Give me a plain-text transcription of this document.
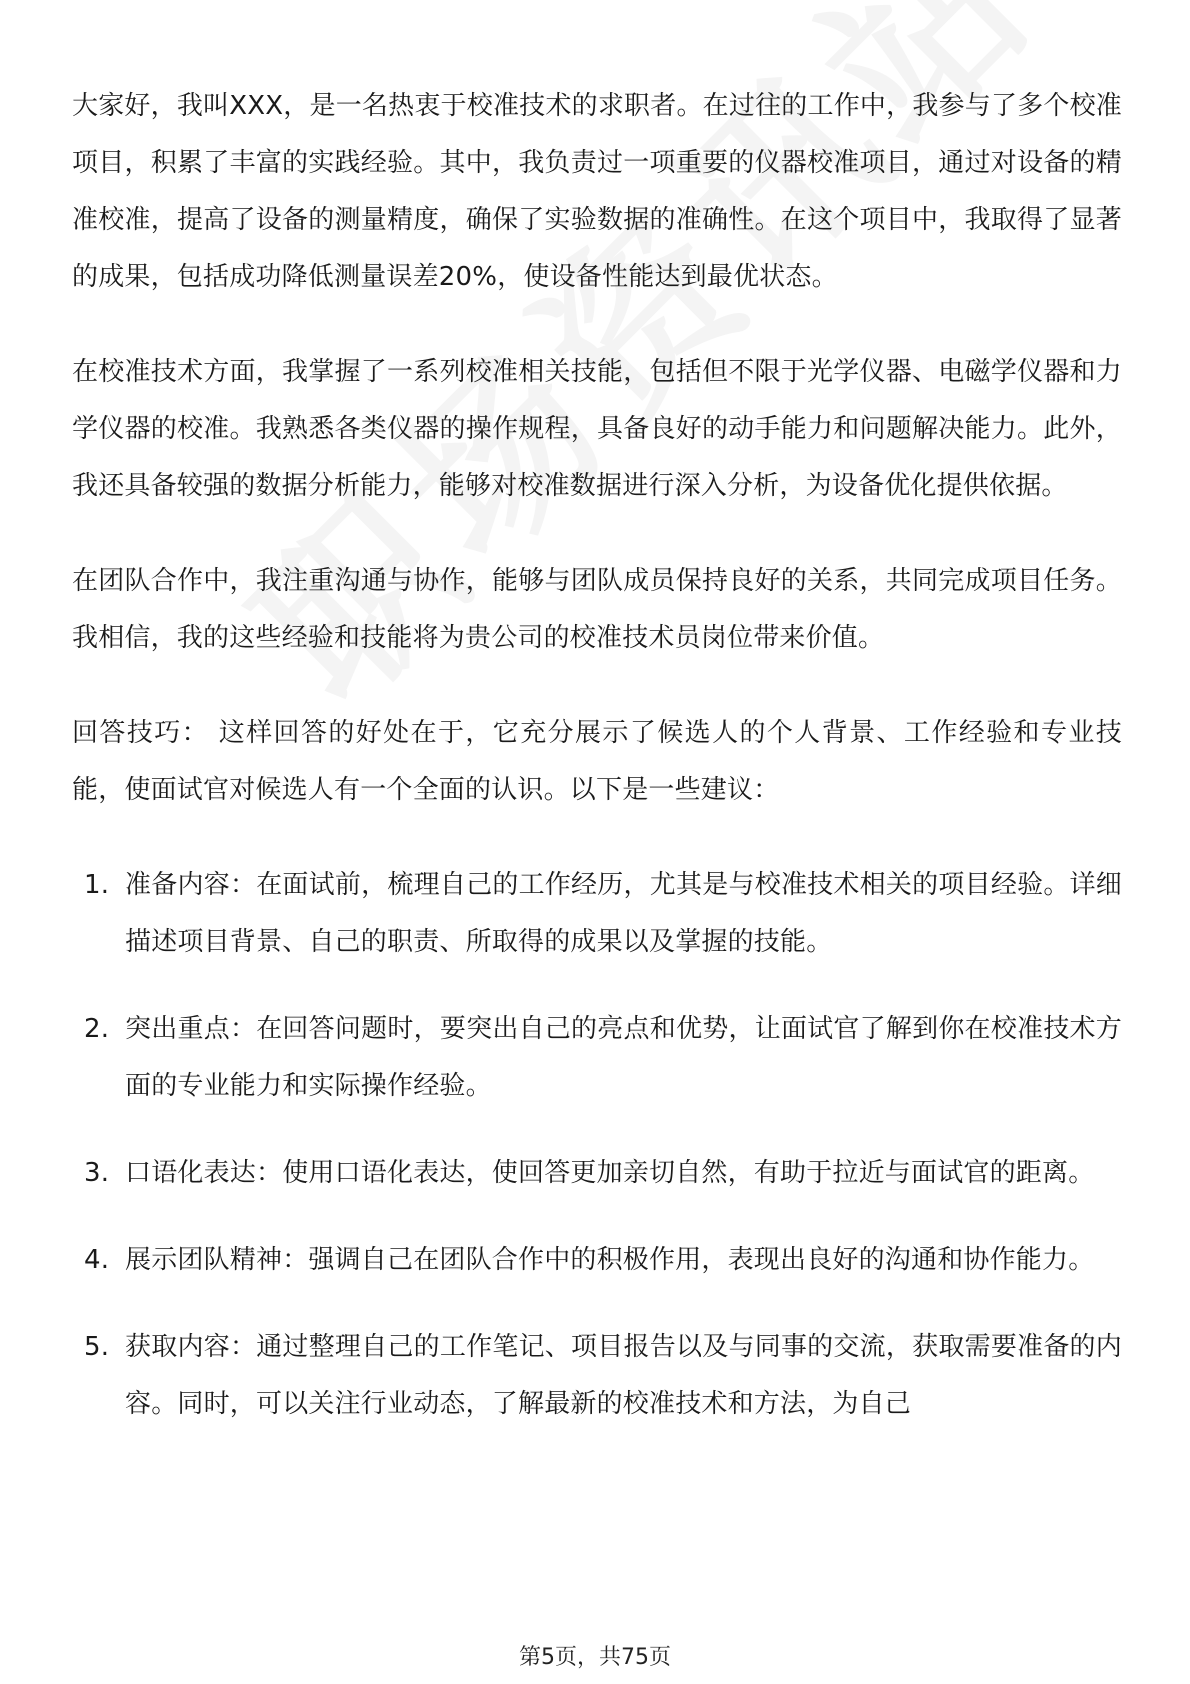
大家好，我叫XXX，是一名热衷于校准技术的求职者。在过往的工作中，我参与了多个校准项目，积累了丰富的实践经验。其中，我负责过一项重要的仪器校准项目，通过对设备的精准校准，提高了设备的测量精度，确保了实验数据的准确性。在这个项目中，我取得了显著的成果，包括成功降低测量误差20%，使设备性能达到最优状态。

在校准技术方面，我掌握了一系列校准相关技能，包括但不限于光学仪器、电磁学仪器和力学仪器的校准。我熟悉各类仪器的操作规程，具备良好的动手能力和问题解决能力。此外，我还具备较强的数据分析能力，能够对校准数据进行深入分析，为设备优化提供依据。

在团队合作中，我注重沟通与协作，能够与团队成员保持良好的关系，共同完成项目任务。我相信，我的这些经验和技能将为贵公司的校准技术员岗位带来价值。

回答技巧： 这样回答的好处在于，它充分展示了候选人的个人背景、工作经验和专业技能，使面试官对候选人有一个全面的认识。以下是一些建议：

1. 准备内容：在面试前，梳理自己的工作经历，尤其是与校准技术相关的项目经验。详细描述项目背景、自己的职责、所取得的成果以及掌握的技能。
2. 突出重点：在回答问题时，要突出自己的亮点和优势，让面试官了解到你在校准技术方面的专业能力和实际操作经验。
3. 口语化表达：使用口语化表达，使回答更加亲切自然，有助于拉近与面试官的距离。
4. 展示团队精神：强调自己在团队合作中的积极作用，表现出良好的沟通和协作能力。
5. 获取内容：通过整理自己的工作笔记、项目报告以及与同事的交流，获取需要准备的内容。同时，可以关注行业动态，了解最新的校准技术和方法，为自己
第5页，共75页
